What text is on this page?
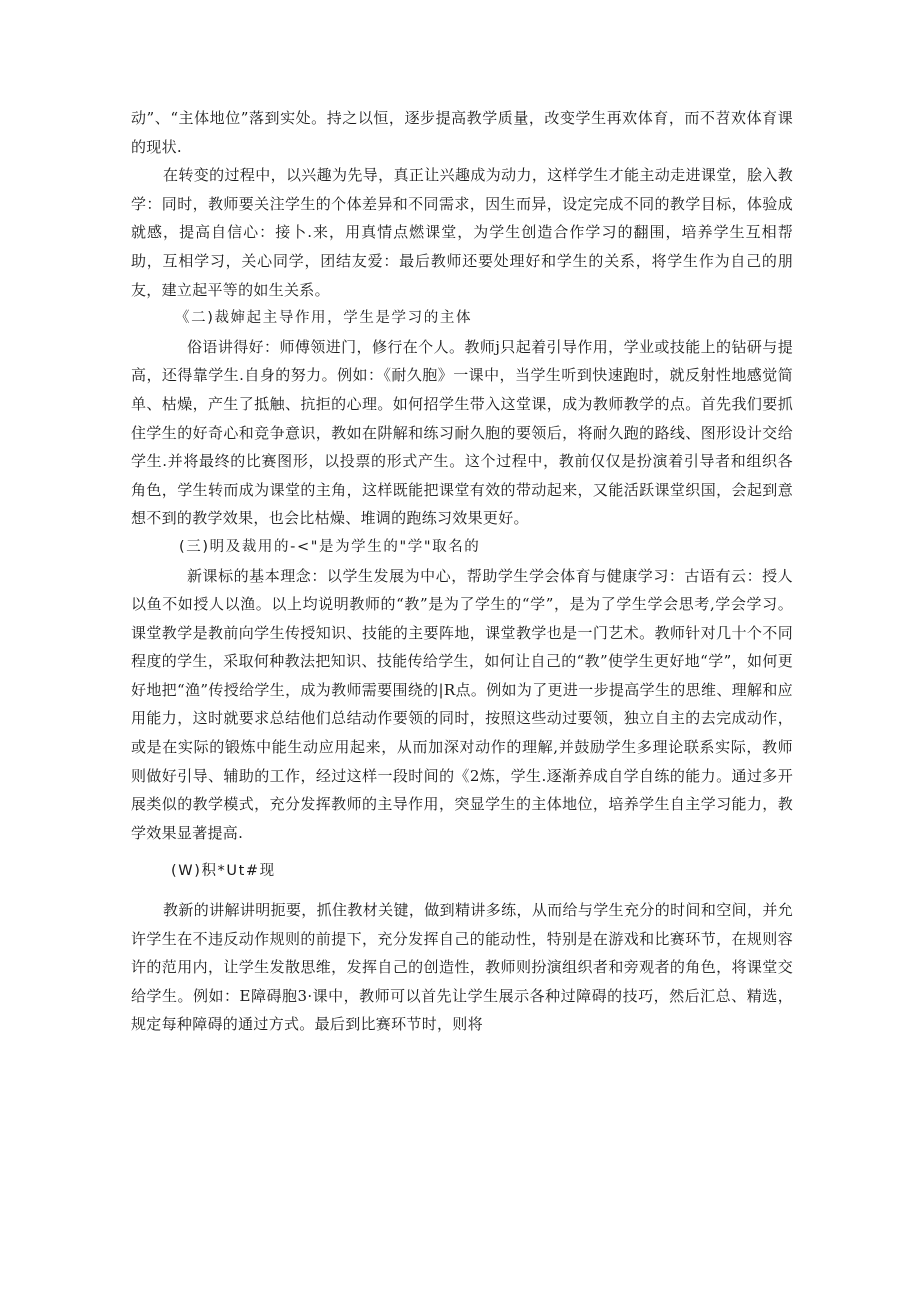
动”、“主体地位”落到实处。持之以恒，逐步提高教学质量，改变学生再欢体育，而不苕欢体育课的现状.

在转变的过程中，以兴趣为先导，真正让兴趣成为动力，这样学生才能主动走进课堂，脍入教学：同时，教师要关注学生的个体差异和不同需求，因生而异，设定完成不同的教学目标，体验成就感，提高自信心：接卜.来，用真情点燃课堂，为学生创造合作学习的翻围，培养学生互相帮助，互相学习，关心同学，团结友爱：最后教师还要处理好和学生的关系，将学生作为自己的朋友，建立起平等的如生关系。

《二)裁婶起主导作用，学生是学习的主体

俗语讲得好：师傅领进门，修行在个人。教师j只起着引导作用，学业或技能上的钻研与提高，还得靠学生.自身的努力。例如：《耐久胞》一课中，当学生听到快速跑时，就反射性地感觉简单、枯燥，产生了抵触、抗拒的心理。如何招学生带入这堂课，成为教师教学的点。首先我们要抓住学生的好奇心和竞争意识，教如在阱解和练习耐久胞的要领后，将耐久跑的路线、图形设计交给学生.并将最终的比赛图形，以投票的形式产生。这个过程中，教前仅仅是扮演着引导者和组织各角色，学生转而成为课堂的主角，这样既能把课堂有效的带动起来，又能活跃课堂织国，会起到意想不到的教学效果，也会比枯燥、堆调的跑练习效果更好。

(三)明及裁用的-<"是为学生的"学"取名的

新课标的基本理念：以学生发展为中心，帮助学生学会体育与健康学习：古语有云：授人以鱼不如授人以渔。以上均说明教师的“教”是为了学生的“学”，是为了学生学会思考,学会学习。课堂教学是教前向学生传授知识、技能的主要阵地，课堂教学也是一门艺术。教师针对几十个不同程度的学生，采取何种教法把知识、技能传给学生，如何让自己的“教”使学生更好地“学”，如何更好地把“渔”传授给学生，成为教师需要围绕的|R点。例如为了更进一步提高学生的思维、理解和应用能力，这时就要求总结他们总结动作要领的同时，按照这些动过要领，独立自主的去完成动作，或是在实际的锻炼中能生动应用起来，从而加深对动作的理解,并鼓励学生多理论联系实际，教师则做好引导、辅助的工作，经过这样一段时间的《2炼，学生.逐渐养成自学自练的能力。通过多开展类似的教学模式，充分发挥教师的主导作用，突显学生的主体地位，培养学生自主学习能力，教学效果显著提高.

(W)积*Ut#现

教新的讲解讲明扼要，抓住教材关键，做到精讲多练，从而给与学生充分的时间和空间，并允许学生在不违反动作规则的前提下，充分发挥自己的能动性，特别是在游戏和比赛环节，在规则容许的范用内，让学生发散思维，发挥自己的创造性，教师则扮演组织者和旁观者的角色，将课堂交给学生。例如：E障碍胞3·课中，教师可以首先让学生展示各种过障碍的技巧，然后汇总、精选，规定每种障碍的通过方式。最后到比赛环节时，则将
